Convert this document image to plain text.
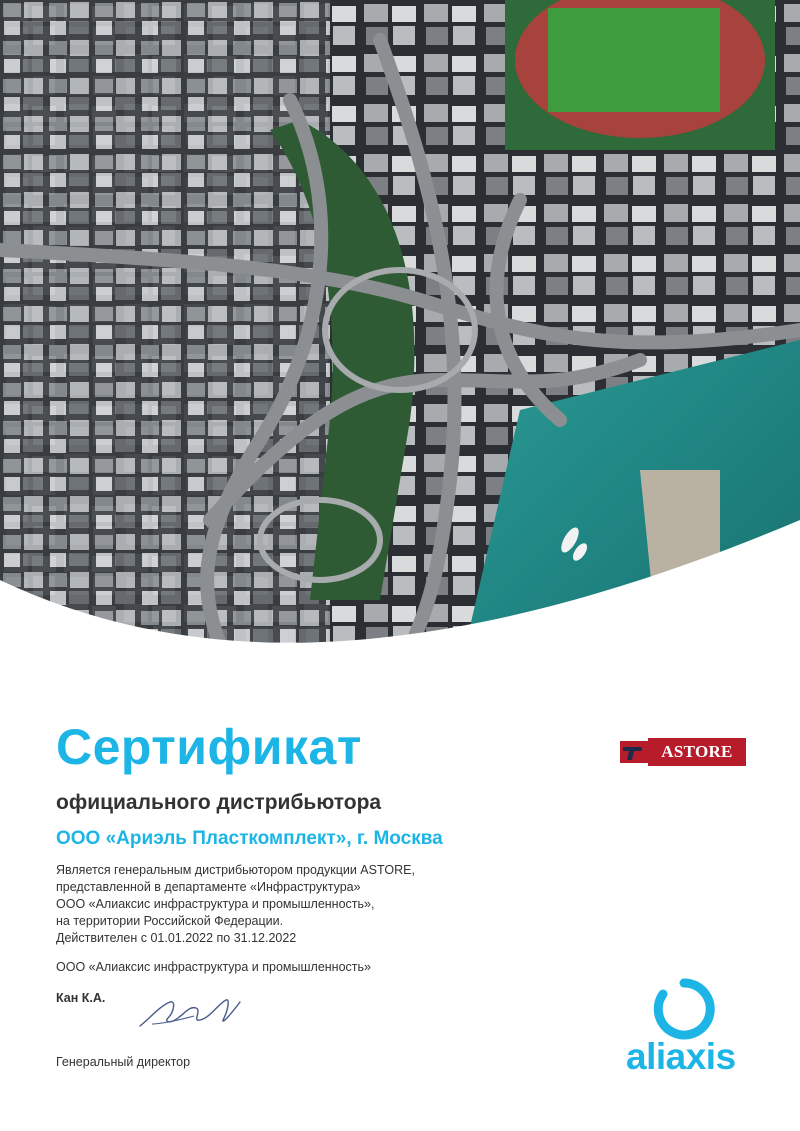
Сертификат
официального дистрибьютора
ООО «Ариэль Пласткомплект», г. Москва
Является генеральным дистрибьютором продукции ASTORE,
представленной в департаменте «Инфраструктура»
ООО «Алиаксис инфраструктура и промышленность»,
на территории Российской Федерации.
Действителен с 01.01.2022 по 31.12.2022
ООО «Алиаксис инфраструктура и промышленность»
Кан К.А.
Генеральный директор
ASTORE
aliaxis
